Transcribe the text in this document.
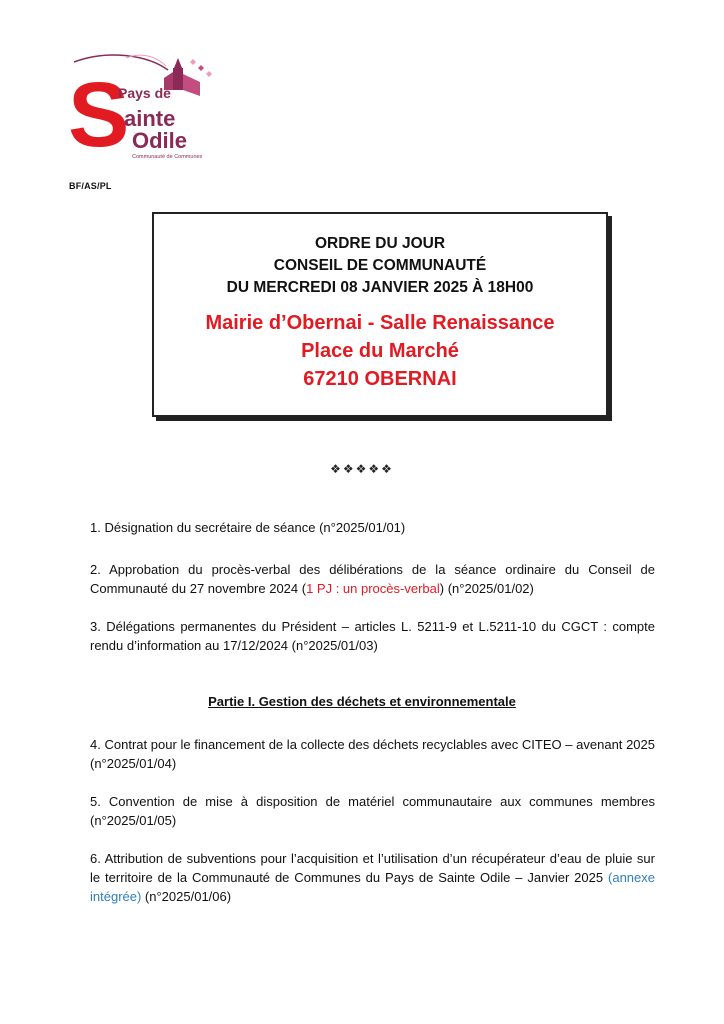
S
Pays de
ainte
Odile
Communauté de Communes
BF/AS/PL
ORDRE DU JOUR
CONSEIL DE COMMUNAUTÉ
DU MERCREDI 08 JANVIER 2025 À 18H00
Mairie d’Obernai - Salle Renaissance
Place du Marché
67210 OBERNAI
❖❖❖❖❖
1. Désignation du secrétaire de séance (n°2025/01/01)
2. Approbation du procès-verbal des délibérations de la séance ordinaire du Conseil de Communauté du 27 novembre 2024 (1 PJ : un procès-verbal) (n°2025/01/02)
3. Délégations permanentes du Président – articles L. 5211-9 et L.5211-10 du CGCT : compte rendu d’information au 17/12/2024 (n°2025/01/03)
Partie I. Gestion des déchets et environnementale
4. Contrat pour le financement de la collecte des déchets recyclables avec CITEO – avenant 2025 (n°2025/01/04)
5. Convention de mise à disposition de matériel communautaire aux communes membres (n°2025/01/05)
6. Attribution de subventions pour l’acquisition et l’utilisation d’un récupérateur d’eau de pluie sur le territoire de la Communauté de Communes du Pays de Sainte Odile – Janvier 2025 (annexe intégrée) (n°2025/01/06)
